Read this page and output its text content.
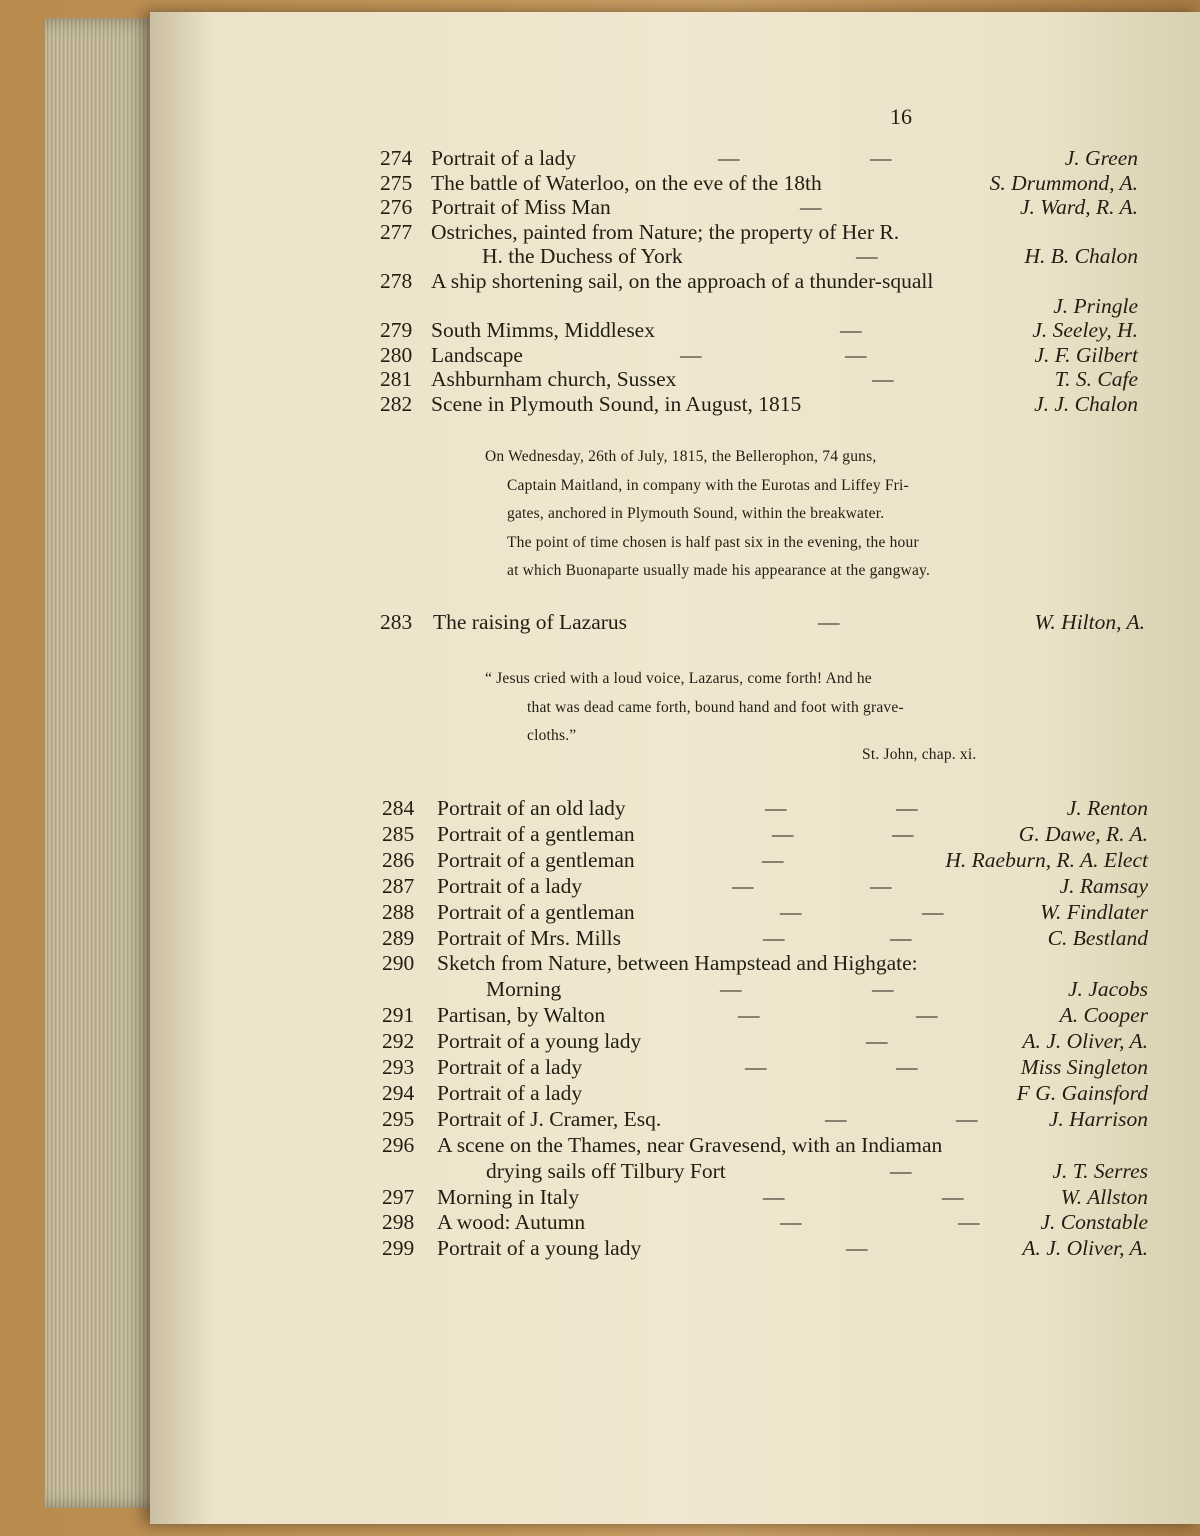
16
274 Portrait of a lady	—	—	J. Green
275 The battle of Waterloo, on the eve of the 18th	S. Drummond, A.
276 Portrait of Miss Man	—	J. Ward, R. A.
277 Ostriches, painted from Nature; the property of Her R.
H. the Duchess of York	—	H. B. Chalon
278 A ship shortening sail, on the approach of a thunder-squall
J. Pringle
279 South Mimms, Middlesex	—	J. Seeley, H.
280 Landscape	—	—	J. F. Gilbert
281 Ashburnham church, Sussex	—	T. S. Cafe
282 Scene in Plymouth Sound, in August, 1815	J. J. Chalon
On Wednesday, 26th of July, 1815, the Bellerophon, 74 guns,
Captain Maitland, in company with the Eurotas and Liffey Fri-
gates, anchored in Plymouth Sound, within the breakwater.
The point of time chosen is half past six in the evening, the hour
at which Buonaparte usually made his appearance at the gangway.
283 The raising of Lazarus	—	W. Hilton, A.
“ Jesus cried with a loud voice, Lazarus, come forth! And he
that was dead came forth, bound hand and foot with grave-
cloths.”
St. John, chap. xi.
284 Portrait of an old lady	—	—	J. Renton
285 Portrait of a gentleman	—	—	G. Dawe, R. A.
286 Portrait of a gentleman	—	H. Raeburn, R. A. Elect
287 Portrait of a lady	—	—	J. Ramsay
288 Portrait of a gentleman	—	—	W. Findlater
289 Portrait of Mrs. Mills	—	—	C. Bestland
290 Sketch from Nature, between Hampstead and Highgate:
Morning	—	—	J. Jacobs
291 Partisan, by Walton	—	—	A. Cooper
292 Portrait of a young lady	—	A. J. Oliver, A.
293 Portrait of a lady	—	—	Miss Singleton
294 Portrait of a lady	F G. Gainsford
295 Portrait of J. Cramer, Esq.	—	—	J. Harrison
296 A scene on the Thames, near Gravesend, with an Indiaman
drying sails off Tilbury Fort	—	J. T. Serres
297 Morning in Italy	—	—	W. Allston
298 A wood: Autumn	—	—	J. Constable
299 Portrait of a young lady	—	A. J. Oliver, A.
